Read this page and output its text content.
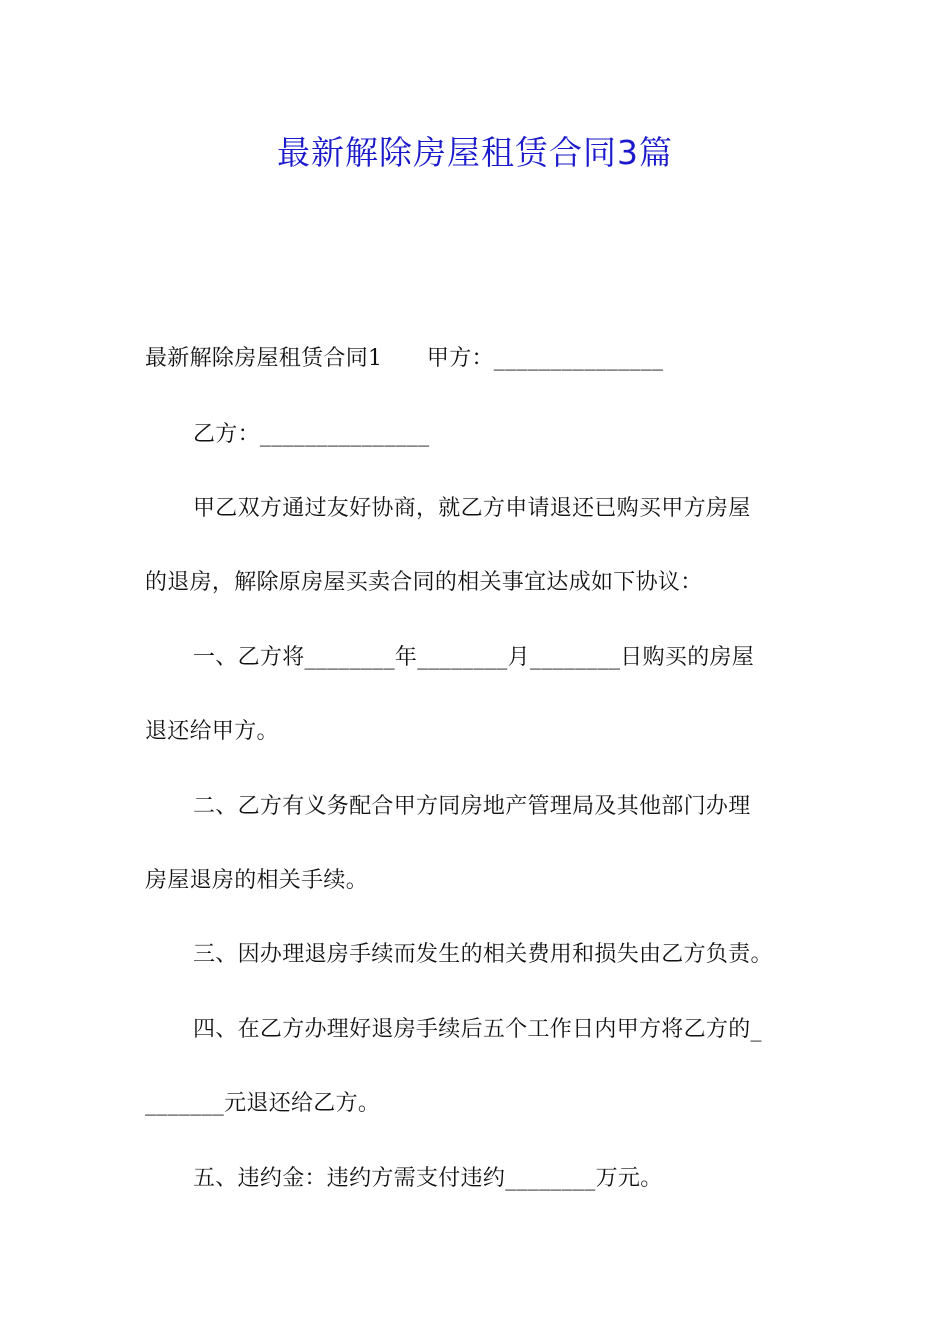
最新解除房屋租赁合同3篇
最新解除房屋租赁合同1　　甲方：_______________
乙方：_______________
甲乙双方通过友好协商，就乙方申请退还已购买甲方房屋
的退房，解除原房屋买卖合同的相关事宜达成如下协议：
一、乙方将________年________月________日购买的房屋
退还给甲方。
二、乙方有义务配合甲方同房地产管理局及其他部门办理
房屋退房的相关手续。
三、因办理退房手续而发生的相关费用和损失由乙方负责。
四、在乙方办理好退房手续后五个工作日内甲方将乙方的_
_______元退还给乙方。
五、违约金：违约方需支付违约________万元。
